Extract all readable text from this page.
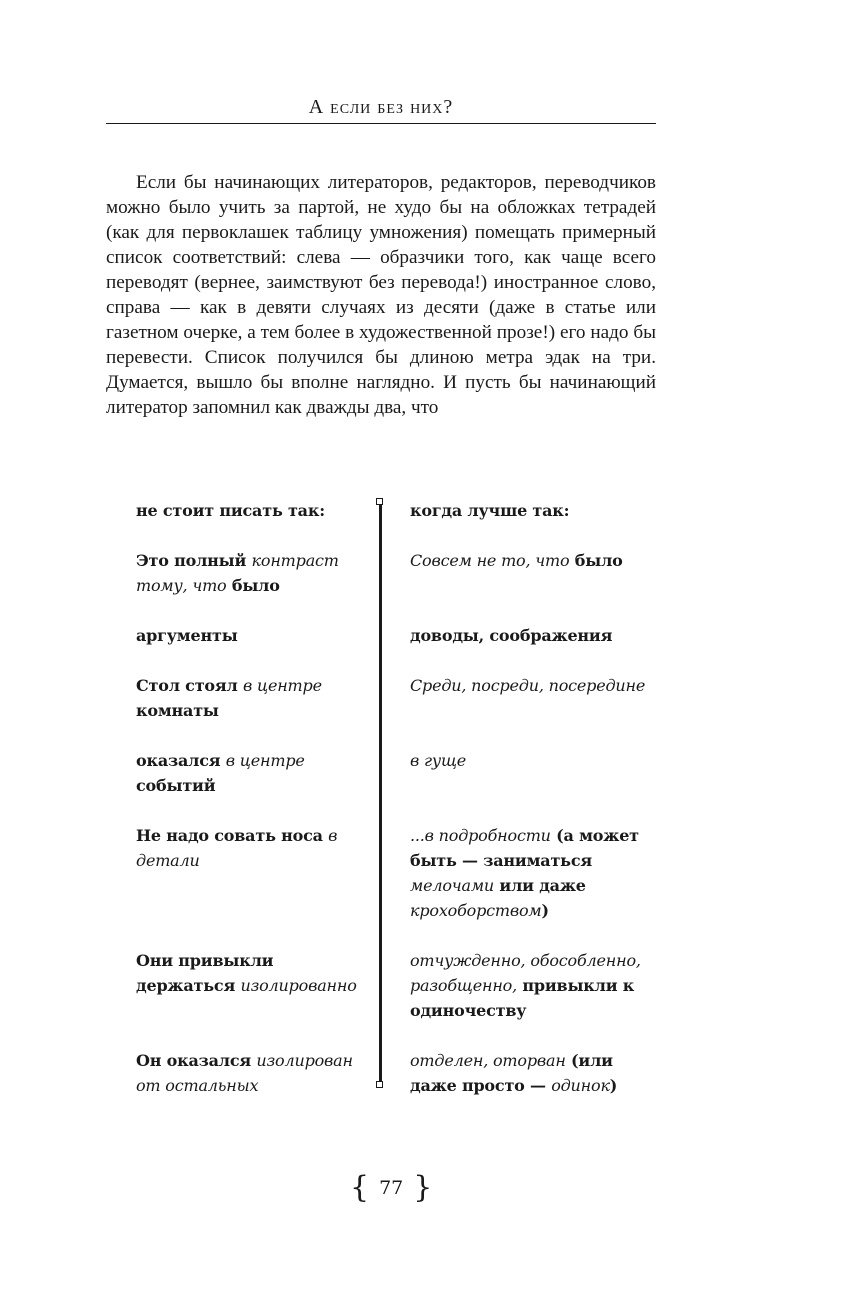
А если без них?

Если бы начинающих литераторов, редакторов, переводчиков можно было учить за партой, не худо бы на обложках тетрадей (как для первоклашек таблицу умножения) помещать примерный список соответствий: слева — образчики того, как чаще всего переводят (вернее, заимствуют без перевода!) иностранное слово, справа — как в девяти случаях из десяти (даже в статье или газетном очерке, а тем более в художественной прозе!) его надо бы перевести. Список получился бы длиною метра эдак на три. Думается, вышло бы вполне наглядно. И пусть бы начинающий литератор запомнил как дважды два, что

не стоит писать так:	когда лучше так:
Это полный контраст тому, что было
Совсем не то, что было
аргументы	доводы, соображения
Стол стоял в центре комнаты
Среди, посреди, посередине
оказался в центре событий
в гуще
Не надо совать носа в детали
...в подробности (а может быть — заниматься мелочами или даже крохоборством)
Они привыкли держаться изолированно
отчужденно, обособленно, разобщенно, привыкли к одиночеству
Он оказался изолирован от остальных
отделен, оторван (или даже просто — одинок)
{ 77 }
